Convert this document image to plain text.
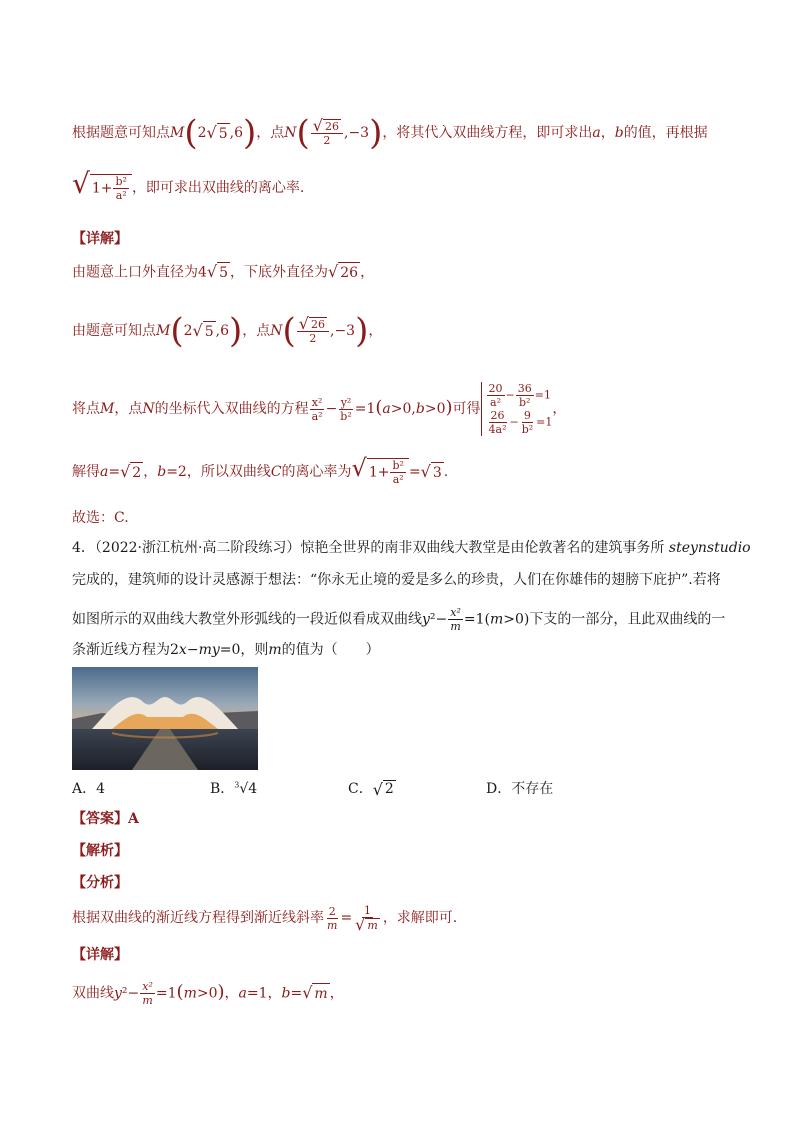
根据题意可知点M(2 √ 5 ,6)，点$N( \frac{√ 26}{2} ,-3)$，将其代入双曲线方程，即可求出a，b的值，再根据
√ $1+ \frac{\text{b²}}{\text{a²}}$ ，即可求出双曲线的离心率.
【详解】
由题意上口外直径为4 √ 5 ，下底外直径为 √ 26 ，
由题意可知点M(2 √ 5 ,6)，点$N( \frac{√ 26}{2} ,-3)$，
将点M，点N的坐标代入双曲线的方程 $\frac{\text{x²}}{\text{a²}} - \frac{\text{y²}}{\text{b²}} =1(a>0,b>0)$可得 $\frac{20}{\text{a²}} - \frac{36}{\text{b²}} =1$
$\frac{26}{\text{4a²}} - \frac{9}{\text{b²}} =1$
，
解得a= √ 2 ，b=2，所以双曲线C的离心率为 √ $1+ \frac{\text{b²}}{\text{a²}}$ = √ 3 .
故选：C.
4．（2022·浙江杭州·高二阶段练习）惊艳全世界的南非双曲线大教堂是由伦敦著名的建筑事务所 steynstudio
完成的，建筑师的设计灵感源于想法：“你永无止境的爱是多么的珍贵，人们在你雄伟的翅膀下庇护”.若将
如图所示的双曲线大教堂外形弧线的一段近似看成双曲线$y^2- \frac{\text{x²}}{m} =1(m>0)$下支的一部分，且此双曲线的一
条渐近线方程为2x−my=0，则m的值为（　　）
A．4	B．$^3$√4	C． √ 2	D．不存在
【答案】A
【解析】
【分析】
根据双曲线的渐近线方程得到渐近线斜率 $\frac{2}{m} = \frac{1}{√ m}$ ，求解即可.
【详解】
双曲线$y^2- \frac{\text{x²}}{m} =1(m>0)$，a=1，b= √ m ，
